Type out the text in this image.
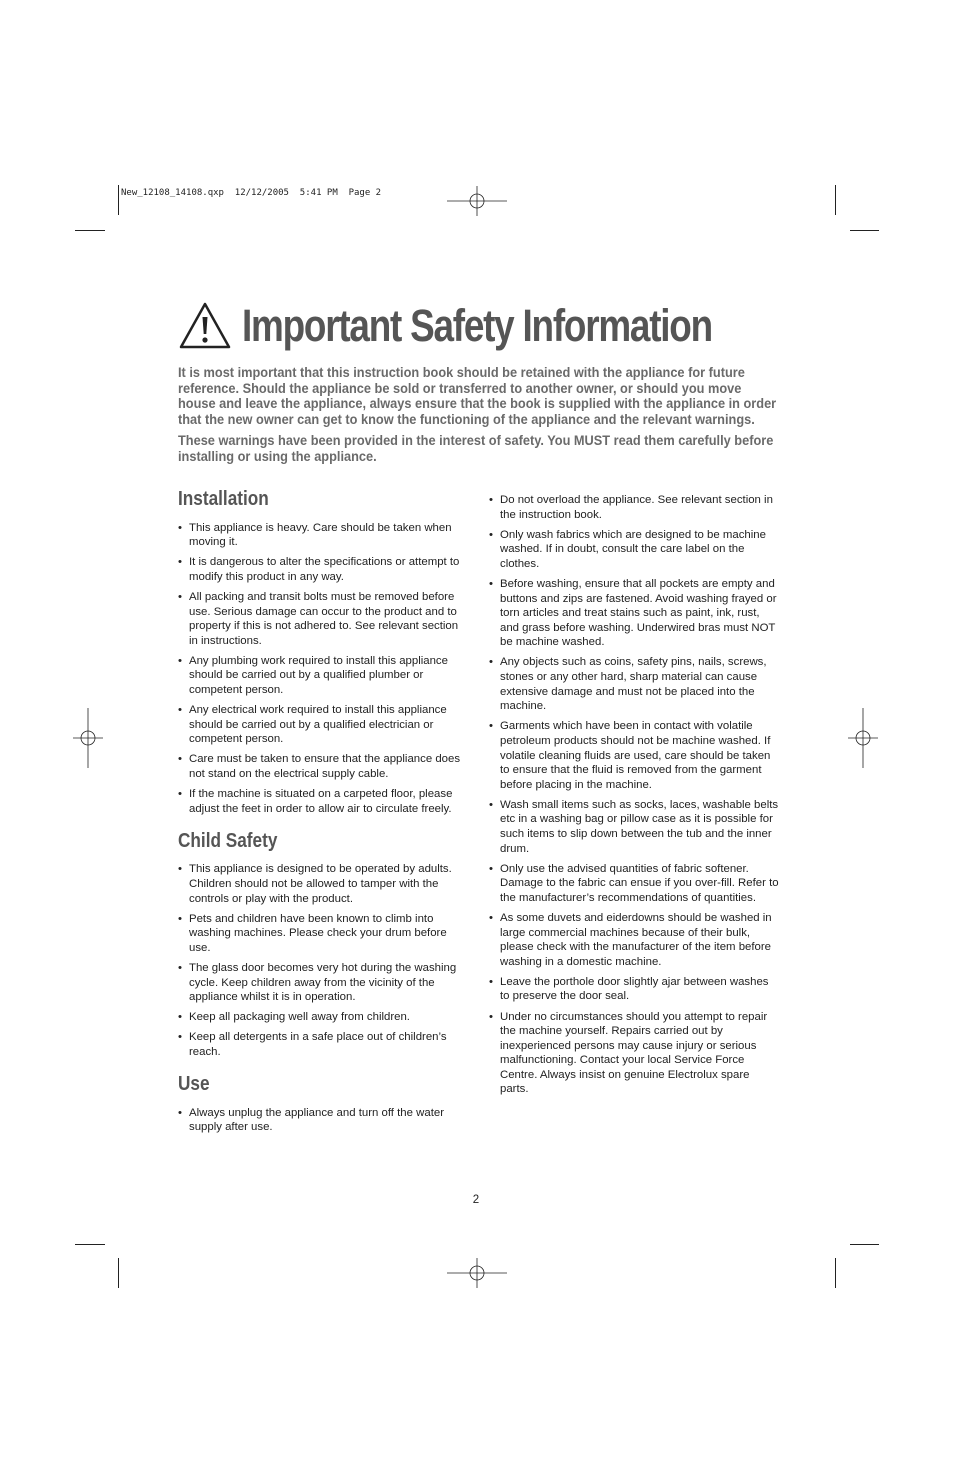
New_12108_14108.qxp  12/12/2005  5:41 PM  Page 2
Important Safety Information

It is most important that this instruction book should be retained with the appliance for future reference. Should the appliance be sold or transferred to another owner, or should you move house and leave the appliance, always ensure that the book is supplied with the appliance in order that the new owner can get to know the functioning of the appliance and the relevant warnings.

These warnings have been provided in the interest of safety. You MUST read them carefully before installing or using the appliance.

Installation
• This appliance is heavy. Care should be taken when moving it.
• It is dangerous to alter the specifications or attempt to modify this product in any way.
• All packing and transit bolts must be removed before use. Serious damage can occur to the product and to property if this is not adhered to. See relevant section in instructions.
• Any plumbing work required to install this appliance should be carried out by a qualified plumber or competent person.
• Any electrical work required to install this appliance should be carried out by a qualified electrician or competent person.
• Care must be taken to ensure that the appliance does not stand on the electrical supply cable.
• If the machine is situated on a carpeted floor, please adjust the feet in order to allow air to circulate freely.
Child Safety
• This appliance is designed to be operated by adults. Children should not be allowed to tamper with the controls or play with the product.
• Pets and children have been known to climb into washing machines. Please check your drum before use.
• The glass door becomes very hot during the washing cycle. Keep children away from the vicinity of the appliance whilst it is in operation.
• Keep all packaging well away from children.
• Keep all detergents in a safe place out of children’s reach.
Use
• Always unplug the appliance and turn off the water supply after use.
• Do not overload the appliance. See relevant section in the instruction book.
• Only wash fabrics which are designed to be machine washed. If in doubt, consult the care label on the clothes.
• Before washing, ensure that all pockets are empty and buttons and zips are fastened. Avoid washing frayed or torn articles and treat stains such as paint, ink, rust, and grass before washing. Underwired bras must NOT be machine washed.
• Any objects such as coins, safety pins, nails, screws, stones or any other hard, sharp material can cause extensive damage and must not be placed into the machine.
• Garments which have been in contact with volatile petroleum products should not be machine washed. If volatile cleaning fluids are used, care should be taken to ensure that the fluid is removed from the garment before placing in the machine.
• Wash small items such as socks, laces, washable belts etc in a washing bag or pillow case as it is possible for such items to slip down between the tub and the inner drum.
• Only use the advised quantities of fabric softener. Damage to the fabric can ensue if you over-fill. Refer to the manufacturer’s recommendations of quantities.
• As some duvets and eiderdowns should be washed in large commercial machines because of their bulk, please check with the manufacturer of the item before washing in a domestic machine.
• Leave the porthole door slightly ajar between washes to preserve the door seal.
• Under no circumstances should you attempt to repair the machine yourself. Repairs carried out by inexperienced persons may cause injury or serious malfunctioning. Contact your local Service Force Centre. Always insist on genuine Electrolux spare parts.
2
